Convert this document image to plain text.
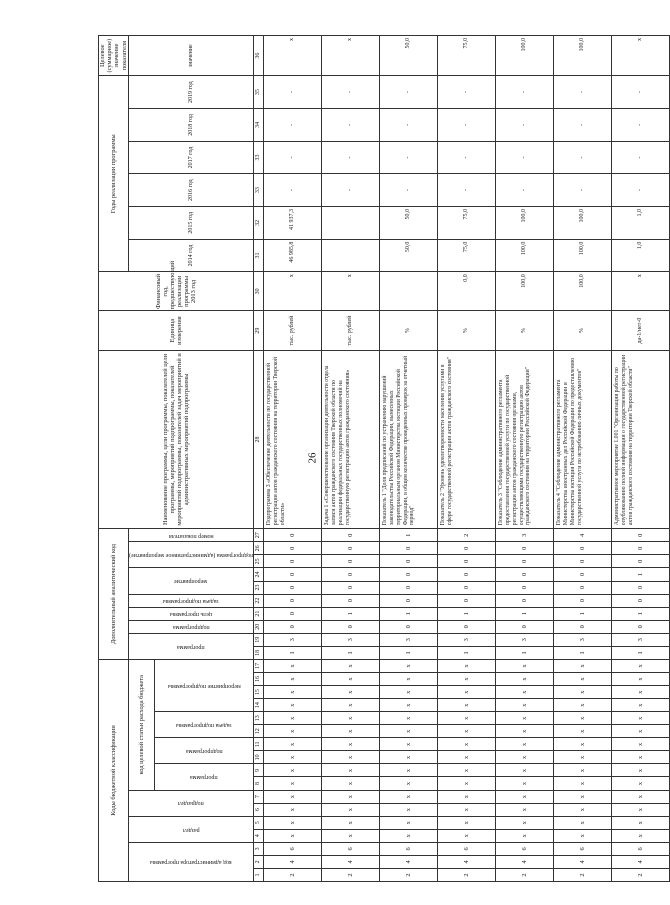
26
Коды бюджетной классификации																	Дополнительный аналитический код										Наименование программы, цели программы, показателей цели программы, мероприятий подпрограммы, показателей мероприятий подпрограммы, показателей задач мероприятий и административных мероприятий подпрограммы	Единица измерения	Финансовый год, предшествующий реализации программы 2013 год	Годы реализации программы						Целевое (суммарное) значение показателя

код администратора программы			раздел		подраздел		код целевой статьи расхода бюджета										программа		подпрограмма	цель программы	задача подпрограммы	мероприятие		подпрограмма (административное мероприятие)		номер показателя				2014 год	2015 год	2016 год	2017 год	2018 год	2019 год	значение

							программа		подпрограмма		задача подпрограммы		мероприятие подпрограммы																							

1	2	3	4	5	6	7	8	9	10	11	12	13	14	15	16	17	18	19	20	21	22	23	24	25	26	27	28	29	30	31	32	33	33	34	35	36
2	4	6	x	x	x	x	x	x	x	x	x	x	x	x	x	x	1	3	0	0	0	0	0	0	0	0	Подпрограмма 3 «Обеспечение деятельности по государственной регистрации актов гражданского состояния на территории Тверской области»	тыс. рублей	x	46 985,8	41 937,3	-	-	-	-	x
2	4	6	x	x	x	x	x	x	x	x	x	x	x	x	x	x	1	3	0	1	0	0	0	0	0	0	Задача 1 «Совершенствование организации деятельности отдела записи актов гражданского состояния Тверской области по реализации федеральных государственных полномочий на государственную регистрацию актов гражданского состояния»	тыс. рублей	x			-	-	-	-	x
2	4	6	x	x	x	x	x	x	x	x	x	x	x	x	x	x	1	3	0	1	0	0	0	0	0	1	Показатель 1 "Доля предписаний по устранению нарушений законодательства Российской Федерации, вынесенных территориальным органом Министерства юстиции Российской Федерации, в общем количестве проведенных проверок за отчетный период"	%		50,0	50,0	-	-	-	-	50,0
2	4	6	x	x	x	x	x	x	x	x	x	x	x	x	x	x	1	3	0	1	0	0	0	0	0	2	Показатель 2 "Уровень удовлетворенности населения услугами в сфере государственной регистрации актов гражданского состояния"	%	0,0	75,0	75,0	-	-	-	-	75,0
2	4	6	x	x	x	x	x	x	x	x	x	x	x	x	x	x	1	3	0	1	0	0	0	0	0	3	Показатель 3 "Соблюдение административного регламента предоставления государственной услуги по государственной регистрации актов гражданского состояния органами, осуществляющими государственную регистрацию актов гражданского состояния на территории Российской Федерации"	%	100,0	100,0	100,0	-	-	-	-	100,0
2	4	6	x	x	x	x	x	x	x	x	x	x	x	x	x	x	1	3	0	1	0	0	0	0	0	4	Показатель 4 "Соблюдение административного регламента Министерства иностранных дел Российской Федерации и Министерства юстиции Российской Федерации по предоставлению государственной услуги по истребованию личных документов"	%	100,0	100,0	100,0	-	-	-	-	100,0
2	4	6	x	x	x	x	x	x	x	x	x	x	x	x	x	x	1	3	0	1	0	0	1	0	0	0	Административное мероприятие 1.001 "Организация работы по опубликованию полной информации о государственной регистрации актов гражданского состояния на территории Тверской области"	да-1/нет-0	x	1,0	1,0	-	-	-	-	x
